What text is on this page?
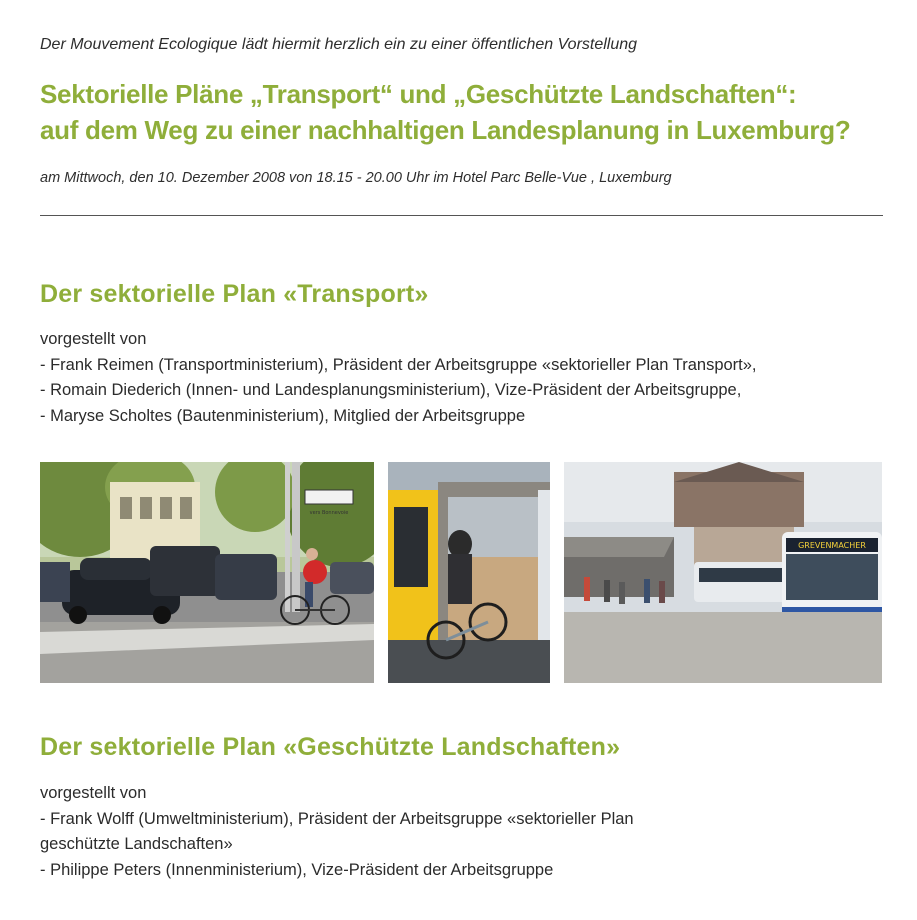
Der Mouvement Ecologique lädt hiermit herzlich ein zu einer öffentlichen Vorstellung
Sektorielle Pläne „Transport“ und „Geschützte Landschaften“:
auf dem Weg zu einer nachhaltigen Landesplanung in Luxemburg?
am Mittwoch, den 10. Dezember 2008 von 18.15 - 20.00 Uhr im Hotel Parc Belle-Vue , Luxemburg
Der sektorielle Plan «Transport»
vorgestellt von
- Frank Reimen (Transportministerium), Präsident der Arbeitsgruppe «sektorieller Plan Transport»,
- Romain Diederich (Innen- und Landesplanungsministerium), Vize-Präsident der Arbeitsgruppe,
- Maryse Scholtes (Bautenministerium), Mitglied der Arbeitsgruppe
vers Bonnevoie
GREVENMACHER
Der sektorielle Plan «Geschützte Landschaften»
vorgestellt von
- Frank Wolff (Umweltministerium), Präsident der Arbeitsgruppe «sektorieller Plan
geschützte Landschaften»
- Philippe Peters (Innenministerium), Vize-Präsident der Arbeitsgruppe
